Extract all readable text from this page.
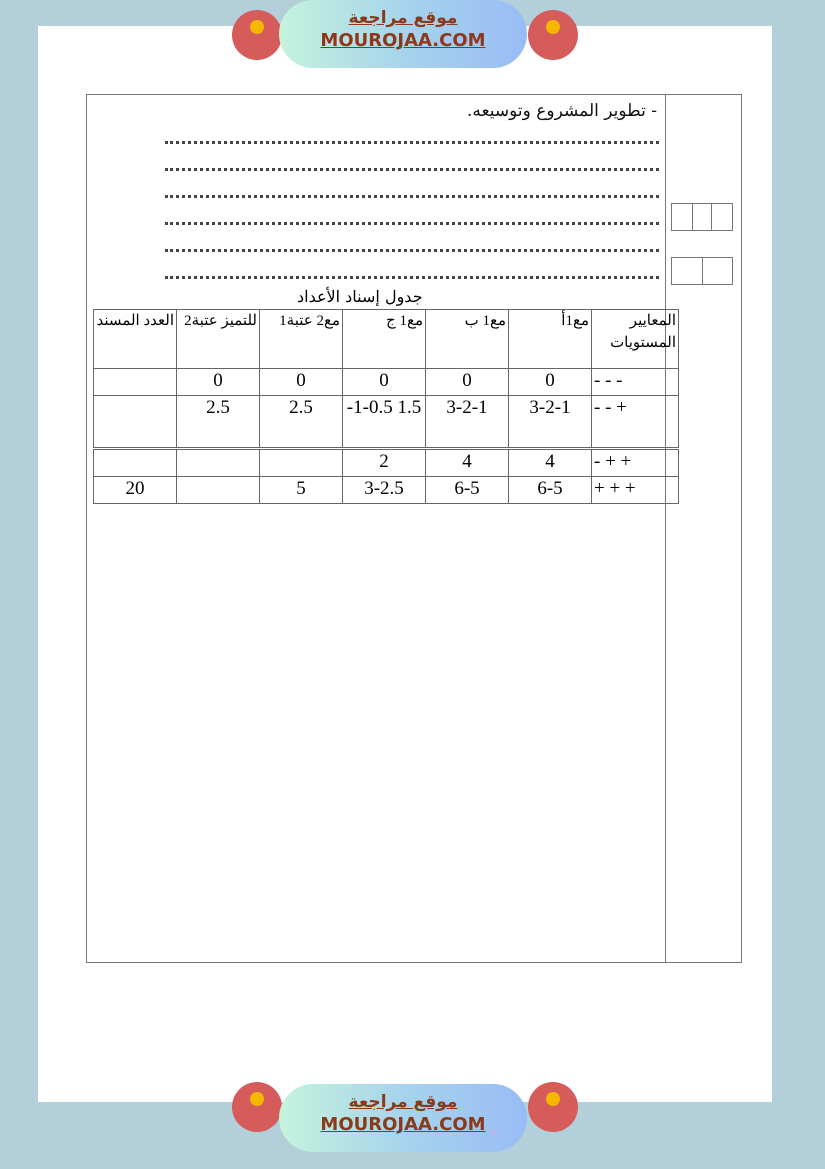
موقع مراجعة
MOUROJAA.COM
- تطوير المشروع وتوسيعه.
جدول إسناد الأعداد
المعايير المستويات	مع1أ	مع1 ب	مع1 ج	مع2 عتبة1	للتميز عتبة2	العدد المسند
- - -	0	0	0	0	0	
+ - -	3-2-1	3-2-1	-1-0.5 1.5	2.5	2.5	
+ + -	4	4	2			
+ + +	6-5	6-5	3-2.5	5		20
موقع مراجعة
MOUROJAA.COM
